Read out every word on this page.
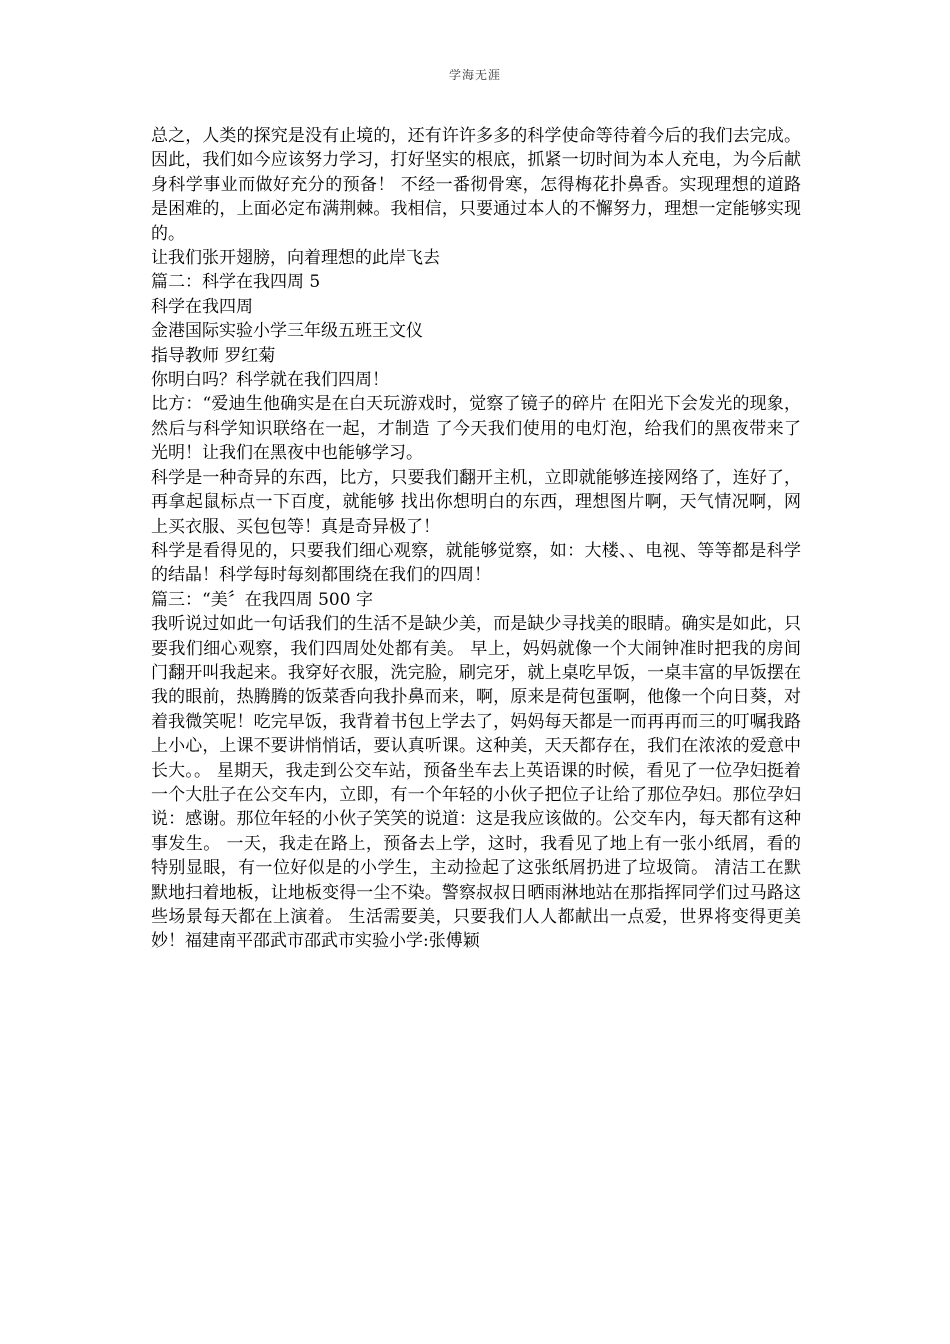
学海无涯

总之，人类的探究是没有止境的，还有许许多多的科学使命等待着今后的我们去完成。因此，我们如今应该努力学习，打好坚实的根底，抓紧一切时间为本人充电，为今后献身科学事业而做好充分的预备！ 不经一番彻骨寒，怎得梅花扑鼻香。实现理想的道路是困难的，上面必定布满荆棘。我相信，只要通过本人的不懈努力，理想一定能够实现的。

让我们张开翅膀，向着理想的此岸飞去

篇二：科学在我四周 5

科学在我四周

金港国际实验小学三年级五班王文仪

指导教师 罗红菊

你明白吗？科学就在我们四周！

比方：“爱迪生他确实是在白天玩游戏时，觉察了镜子的碎片 在阳光下会发光的现象，然后与科学知识联络在一起，才制造 了今天我们使用的电灯泡，给我们的黑夜带来了光明！让我们在黑夜中也能够学习。

科学是一种奇异的东西，比方，只要我们翻开主机，立即就能够连接网络了，连好了，再拿起鼠标点一下百度，就能够 找出你想明白的东西，理想图片啊，天气情况啊，网上买衣服、买包包等！真是奇异极了！

科学是看得见的，只要我们细心观察，就能够觉察，如：大楼、、电视、等等都是科学的结晶！科学每时每刻都围绕在我们的四周！

篇三：“美〞在我四周 500 字

我听说过如此一句话我们的生活不是缺少美，而是缺少寻找美的眼睛。确实是如此，只要我们细心观察，我们四周处处都有美。 早上，妈妈就像一个大闹钟准时把我的房间门翻开叫我起来。我穿好衣服，洗完脸，刷完牙，就上桌吃早饭，一桌丰富的早饭摆在我的眼前，热腾腾的饭菜香向我扑鼻而来，啊，原来是荷包蛋啊，他像一个向日葵，对着我微笑呢！吃完早饭，我背着书包上学去了，妈妈每天都是一而再再而三的叮嘱我路上小心，上课不要讲悄悄话，要认真听课。这种美，天天都存在，我们在浓浓的爱意中长大。。 星期天，我走到公交车站，预备坐车去上英语课的时候，看见了一位孕妇挺着一个大肚子在公交车内，立即，有一个年轻的小伙子把位子让给了那位孕妇。那位孕妇说：感谢。那位年轻的小伙子笑笑的说道：这是我应该做的。公交车内，每天都有这种事发生。 一天，我走在路上，预备去上学，这时，我看见了地上有一张小纸屑，看的特别显眼，有一位好似是的小学生，主动捡起了这张纸屑扔进了垃圾筒。 清洁工在默默地扫着地板，让地板变得一尘不染。警察叔叔日晒雨淋地站在那指挥同学们过马路这些场景每天都在上演着。 生活需要美，只要我们人人都献出一点爱，世界将变得更美妙！福建南平邵武市邵武市实验小学:张傅颖
